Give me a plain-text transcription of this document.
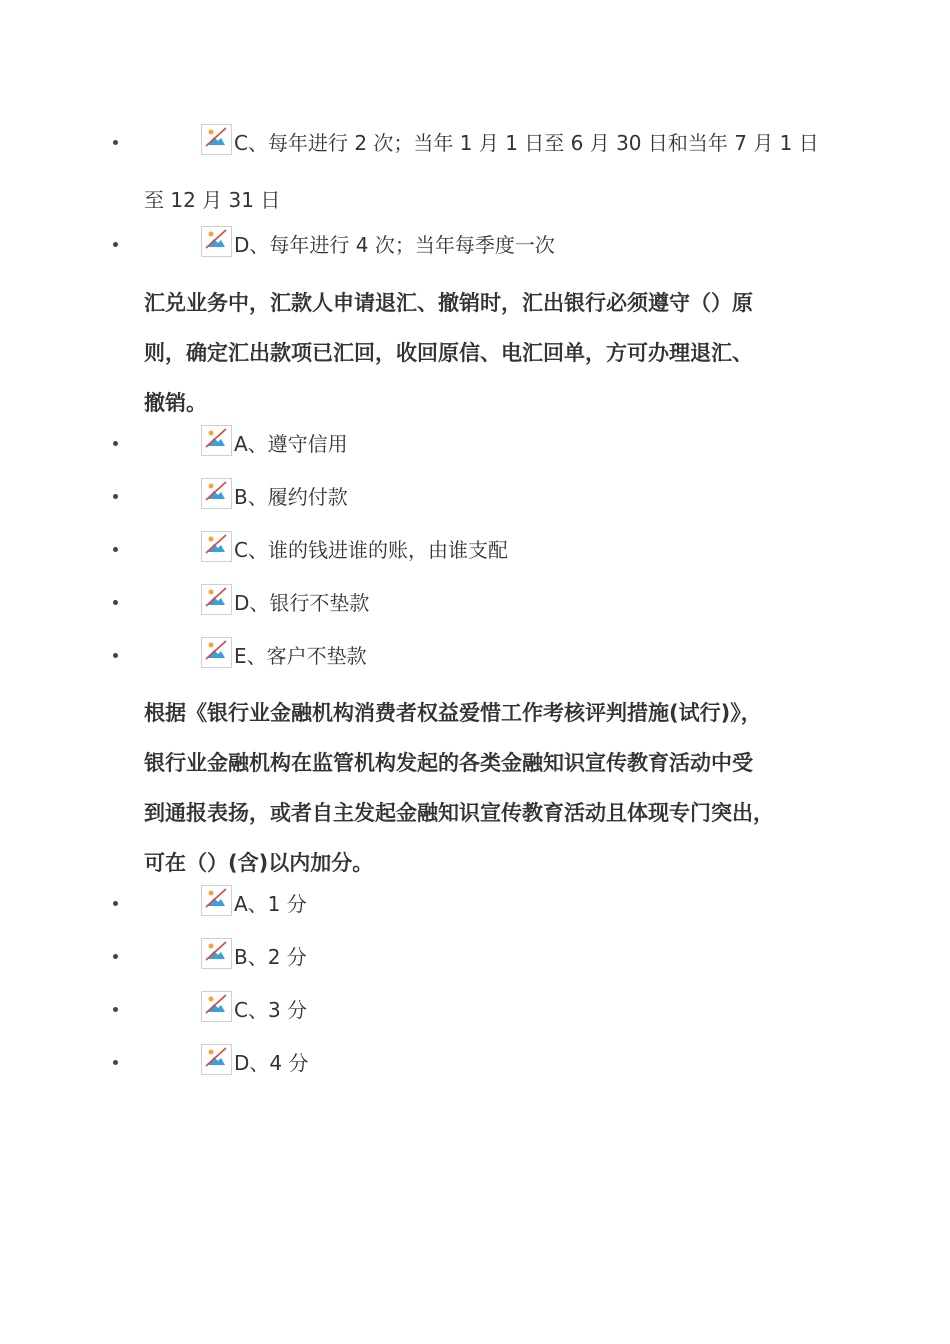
C、每年进行 2 次；当年 1 月 1 日至 6 月 30 日和当年 7 月 1 日
至 12 月 31 日
D、每年进行 4 次；当年每季度一次
汇兑业务中，汇款人申请退汇、撤销时，汇出银行必须遵守（）原
则，确定汇出款项已汇回，收回原信、电汇回单，方可办理退汇、
撤销。
A、遵守信用
B、履约付款
C、谁的钱进谁的账，由谁支配
D、银行不垫款
E、客户不垫款
根据《银行业金融机构消费者权益爱惜工作考核评判措施(试行)》，
银行业金融机构在监管机构发起的各类金融知识宣传教育活动中受
到通报表扬，或者自主发起金融知识宣传教育活动且体现专门突出，
可在（）(含)以内加分。
A、1 分
B、2 分
C、3 分
D、4 分
